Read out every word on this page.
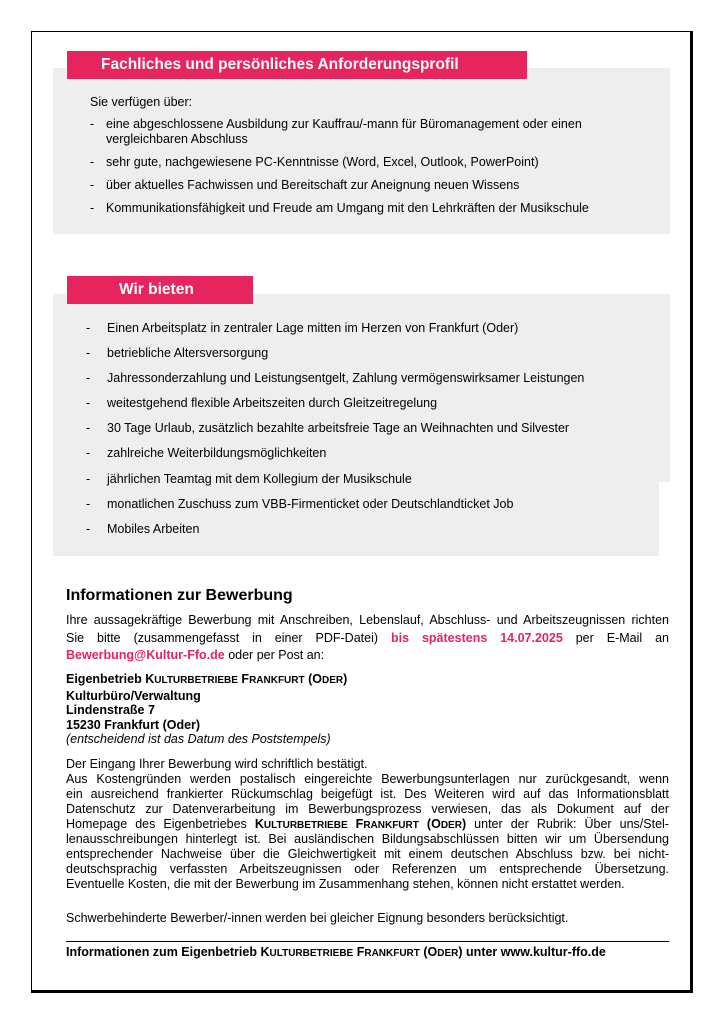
Fachliches und persönliches Anforderungsprofil
Sie verfügen über:
- eine abgeschlossene Ausbildung zur Kauffrau/-mann für Büromanagement oder einen vergleichbaren Abschluss
- sehr gute, nachgewiesene PC-Kenntnisse (Word, Excel, Outlook, PowerPoint)
- über aktuelles Fachwissen und Bereitschaft zur Aneignung neuen Wissens
- Kommunikationsfähigkeit und Freude am Umgang mit den Lehrkräften der Musikschule
Wir bieten
- Einen Arbeitsplatz in zentraler Lage mitten im Herzen von Frankfurt (Oder)
- betriebliche Altersversorgung
- Jahressonderzahlung und Leistungsentgelt, Zahlung vermögenswirksamer Leistungen
- weitestgehend flexible Arbeitszeiten durch Gleitzeitregelung
- 30 Tage Urlaub, zusätzlich bezahlte arbeitsfreie Tage an Weihnachten und Silvester
- zahlreiche Weiterbildungsmöglichkeiten
- jährlichen Teamtag mit dem Kollegium der Musikschule
- monatlichen Zuschuss zum VBB-Firmenticket oder Deutschlandticket Job
- Mobiles Arbeiten
Informationen zur Bewerbung
Ihre aussagekräftige Bewerbung mit Anschreiben, Lebenslauf, Abschluss- und Arbeitszeugnissen richten
Sie bitte (zusammengefasst in einer PDF-Datei) bis spätestens 14.07.2025 per E-Mail an
Bewerbung@Kultur-Ffo.de oder per Post an:
Eigenbetrieb KULTURBETRIEBE FRANKFURT (ODER)
Kulturbüro/Verwaltung
Lindenstraße 7
15230 Frankfurt (Oder)
(entscheidend ist das Datum des Poststempels)
Der Eingang Ihrer Bewerbung wird schriftlich bestätigt.
Aus Kostengründen werden postalisch eingereichte Bewerbungsunterlagen nur zurückgesandt, wenn
ein ausreichend frankierter Rückumschlag beigefügt ist. Des Weiteren wird auf das Informationsblatt
Datenschutz zur Datenverarbeitung im Bewerbungsprozess verwiesen, das als Dokument auf der
Homepage des Eigenbetriebes KULTURBETRIEBE FRANKFURT (ODER) unter der Rubrik: Über uns/Stel-
lenausschreibungen hinterlegt ist. Bei ausländischen Bildungsabschlüssen bitten wir um Übersendung
entsprechender Nachweise über die Gleichwertigkeit mit einem deutschen Abschluss bzw. bei nicht-
deutschsprachig verfassten Arbeitszeugnissen oder Referenzen um entsprechende Übersetzung.
Eventuelle Kosten, die mit der Bewerbung im Zusammenhang stehen, können nicht erstattet werden.
Schwerbehinderte Bewerber/-innen werden bei gleicher Eignung besonders berücksichtigt.
Informationen zum Eigenbetrieb KULTURBETRIEBE FRANKFURT (ODER) unter www.kultur-ffo.de
